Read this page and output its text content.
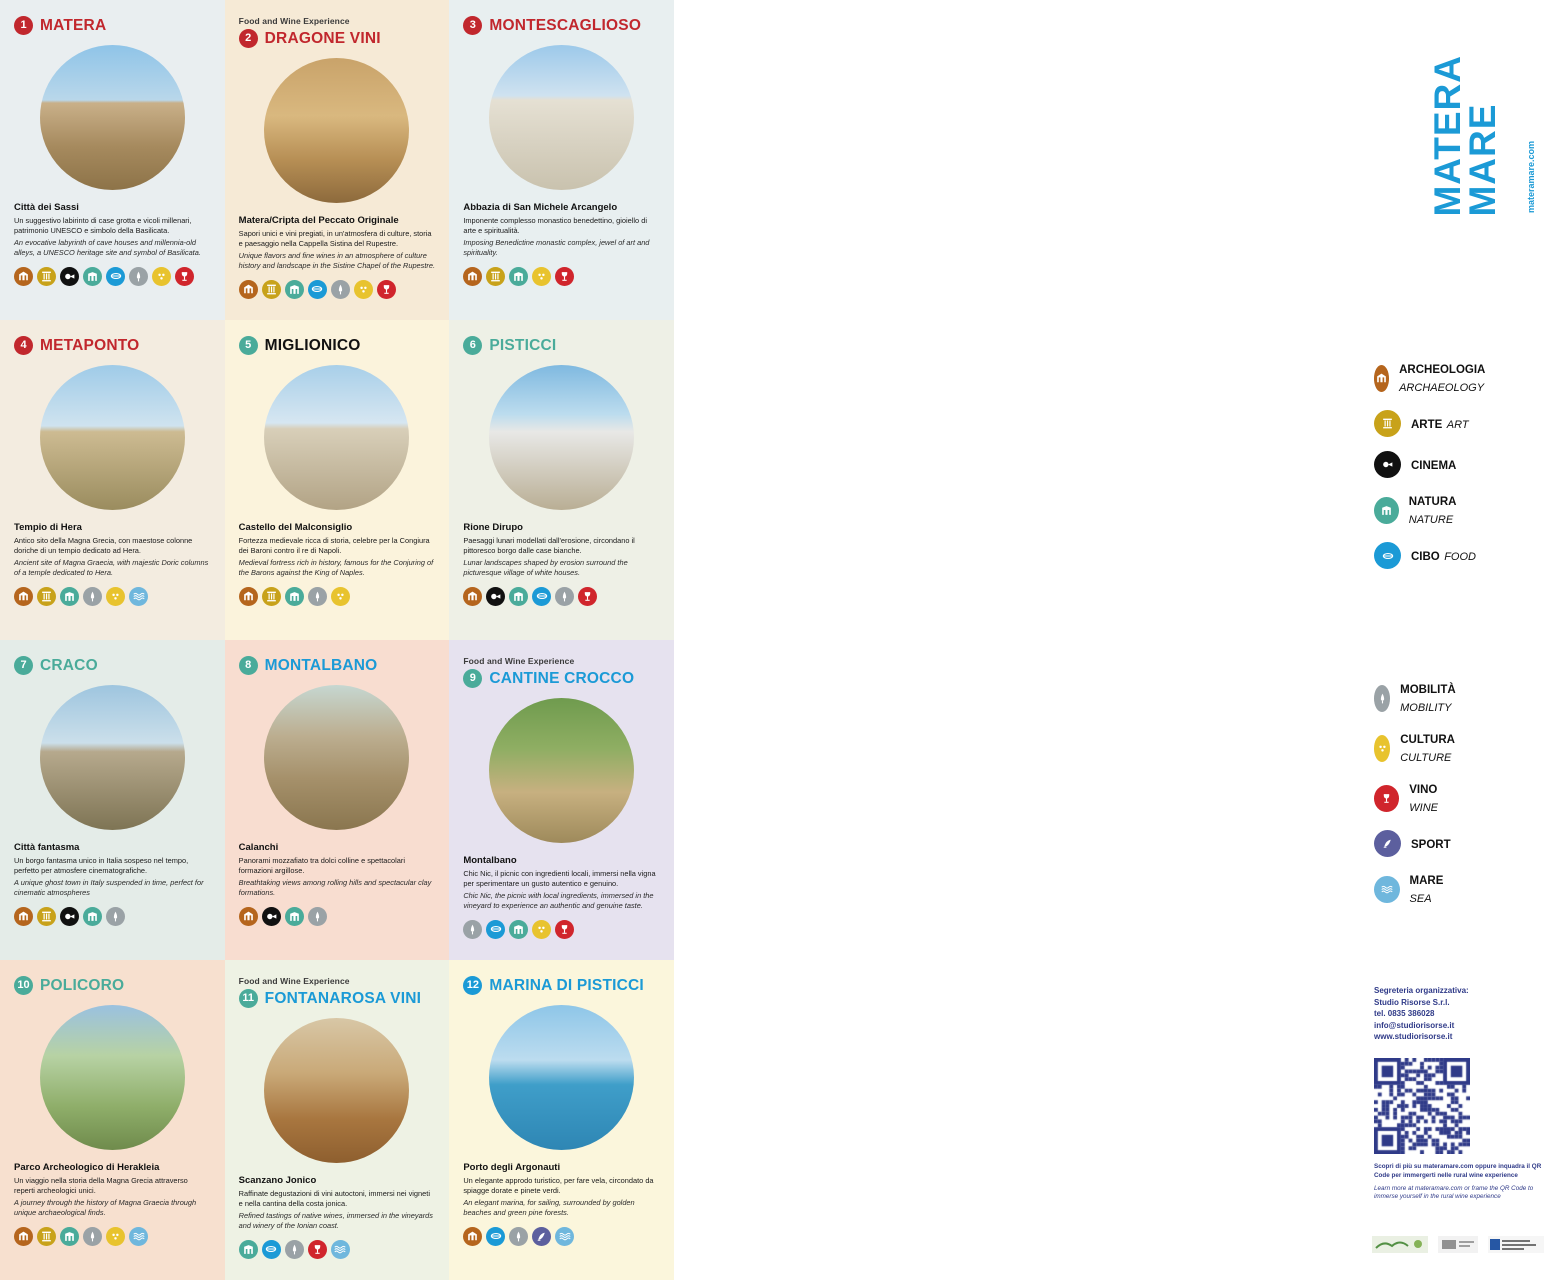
1 MATERA
Città dei Sassi
Un suggestivo labirinto di case grotta e vicoli millenari, patrimonio UNESCO e simbolo della Basilicata.
An evocative labyrinth of cave houses and millennia-old alleys, a UNESCO heritage site and symbol of Basilicata.
Food and Wine Experience
2 DRAGONE VINI
Matera/Cripta del Peccato Originale
Sapori unici e vini pregiati, in un'atmosfera di culture, storia e paesaggio nella Cappella Sistina del Rupestre.
Unique flavors and fine wines in an atmosphere of culture history and landscape in the Sistine Chapel of the Rupestre.
3 MONTESCAGLIOSO
Abbazia di San Michele Arcangelo
Imponente complesso monastico benedettino, gioiello di arte e spiritualità.
Imposing Benedictine monastic complex, jewel of art and spirituality.
4 METAPONTO
Tempio di Hera
Antico sito della Magna Grecia, con maestose colonne doriche di un tempio dedicato ad Hera.
Ancient site of Magna Graecia, with majestic Doric columns of a temple dedicated to Hera.
5 MIGLIONICO
Castello del Malconsiglio
Fortezza medievale ricca di storia, celebre per la Congiura dei Baroni contro il re di Napoli.
Medieval fortress rich in history, famous for the Conjuring of the Barons against the King of Naples.
6 PISTICCI
Rione Dirupo
Paesaggi lunari modellati dall'erosione, circondano il pittoresco borgo dalle case bianche.
Lunar landscapes shaped by erosion surround the picturesque village of white houses.
7 CRACO
Città fantasma
Un borgo fantasma unico in Italia sospeso nel tempo, perfetto per atmosfere cinematografiche.
A unique ghost town in Italy suspended in time, perfect for cinematic atmospheres
8 MONTALBANO
Calanchi
Panorami mozzafiato tra dolci colline e spettacolari formazioni argillose.
Breathtaking views among rolling hills and spectacular clay formations.
Food and Wine Experience
9 CANTINE CROCCO
Montalbano
Chic Nic, il picnic con ingredienti locali, immersi nella vigna per sperimentare un gusto autentico e genuino.
Chic Nic, the picnic with local ingredients, immersed in the vineyard to experience an authentic and genuine taste.
10 POLICORO
Parco Archeologico di Herakleia
Un viaggio nella storia della Magna Grecia attraverso reperti archeologici unici.
A journey through the history of Magna Graecia through unique archaeological finds.
Food and Wine Experience
11 FONTANAROSA VINI
Scanzano Jonico
Raffinate degustazioni di vini autoctoni, immersi nei vigneti e nella cantina della costa jonica.
Refined tastings of native wines, immersed in the vineyards and winery of the Ionian coast.
12 MARINA DI PISTICCI
Porto degli Argonauti
Un elegante approdo turistico, per fare vela, circondato da spiagge dorate e pinete verdi.
An elegant marina, for sailing, surrounded by golden beaches and green pine forests.
MATERA
MARE	materamare.com
ARCHEOLOGIA ARCHAEOLOGY
ARTE ART
CINEMA
NATURA NATURE
CIBO FOOD
MOBILITÀ MOBILITY
CULTURA CULTURE
VINO WINE
SPORT
MARE SEA
Segreteria organizzativa:
Studio Risorse S.r.l.
tel. 0835 386028
info@studiorisorse.it
www.studiorisorse.it
Scopri di più su materamare.com oppure inquadra il QR Code per immergerti nelle rural wine experience
Learn more at materamare.com or frame the QR Code to immerse yourself in the rural wine experience
